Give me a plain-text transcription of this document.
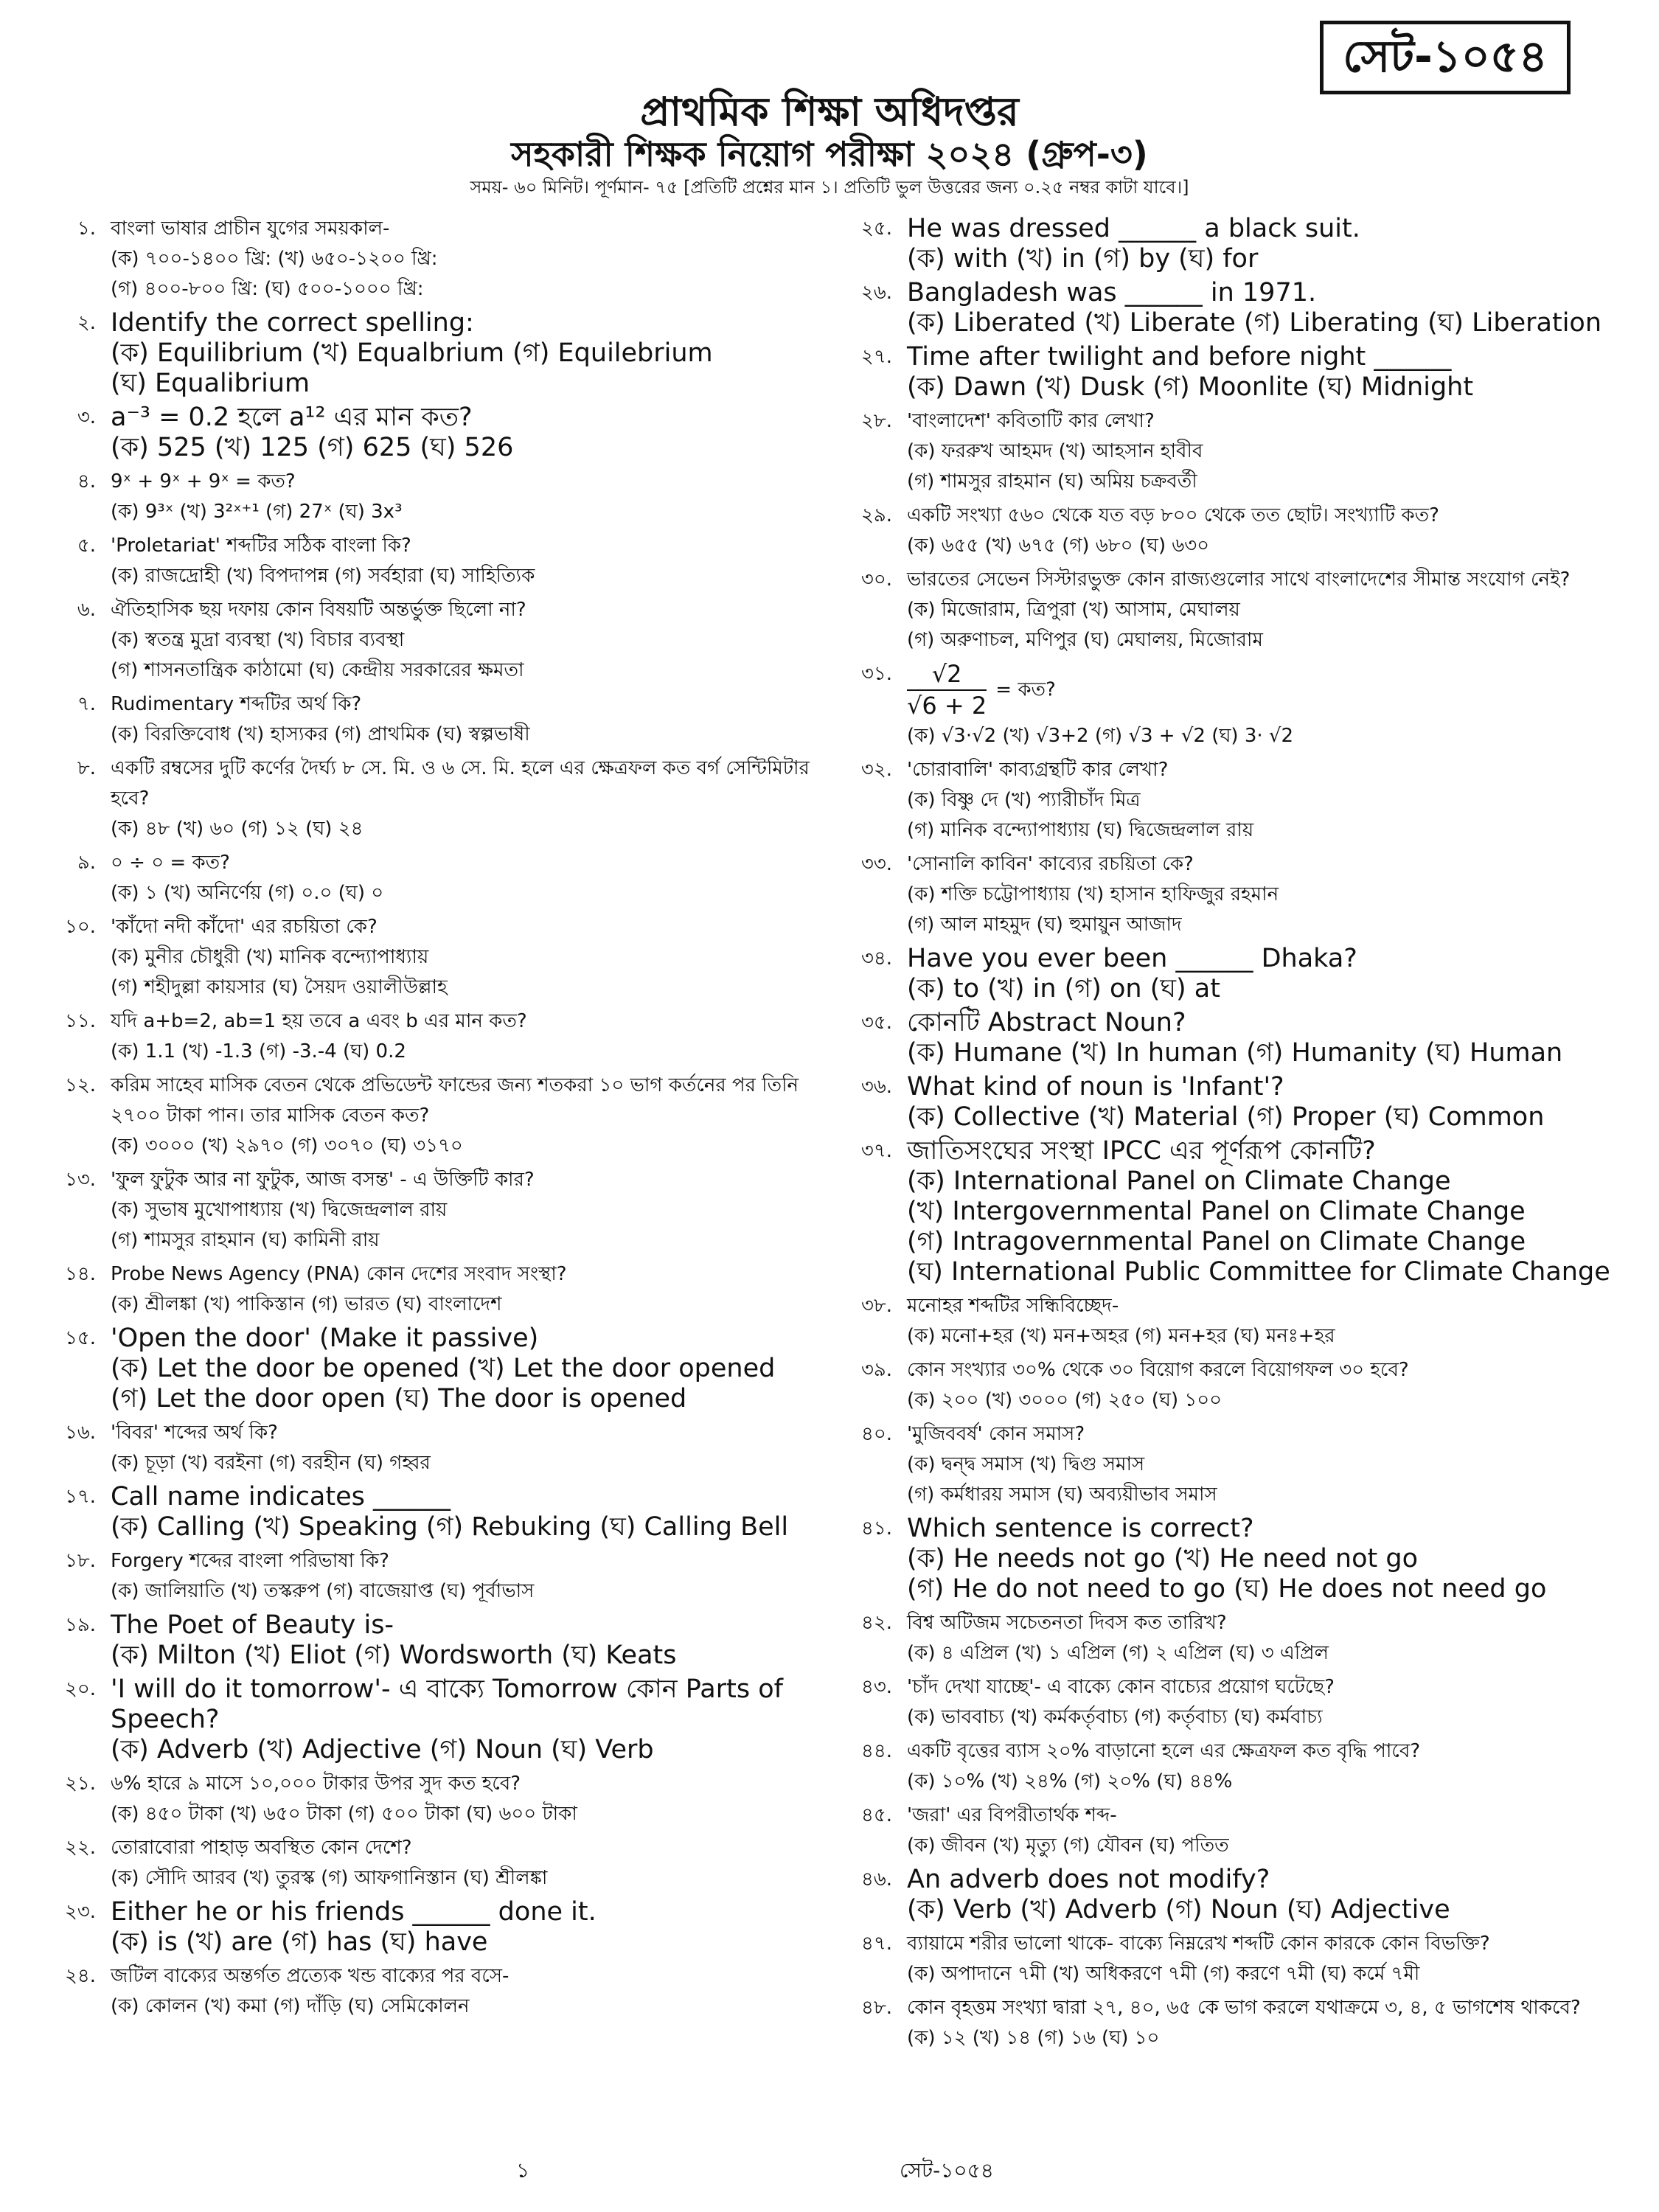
সেট-১০৫৪
প্রাথমিক শিক্ষা অধিদপ্তর
সহকারী শিক্ষক নিয়োগ পরীক্ষা ২০২৪ (গ্রুপ-৩)
সময়- ৬০ মিনিট। পূর্ণমান- ৭৫ [প্রতিটি প্রশ্নের মান ১। প্রতিটি ভুল উত্তরের জন্য ০.২৫ নম্বর কাটা যাবে।]
১. বাংলা ভাষার প্রাচীন যুগের সময়কাল-
(ক) ৭০০-১৪০০ খ্রি: (খ) ৬৫০-১২০০ খ্রি:
(গ) ৪০০-৮০০ খ্রি: (ঘ) ৫০০-১০০০ খ্রি:
২. Identify the correct spelling:
(ক) Equilibrium (খ) Equalbrium (গ) Equilebrium
(ঘ) Equalibrium
৩. a⁻³ = 0.2 হলে a¹² এর মান কত?
(ক) 525 (খ) 125 (গ) 625 (ঘ) 526
৪. 9ˣ + 9ˣ + 9ˣ = কত?
(ক) 9³ˣ (খ) 3²ˣ⁺¹ (গ) 27ˣ (ঘ) 3x³
৫. 'Proletariat' শব্দটির সঠিক বাংলা কি?
(ক) রাজদ্রোহী (খ) বিপদাপন্ন (গ) সর্বহারা (ঘ) সাহিত্যিক
৬. ঐতিহাসিক ছয় দফায় কোন বিষয়টি অন্তর্ভুক্ত ছিলো না?
(ক) স্বতন্ত্র মুদ্রা ব্যবস্থা (খ) বিচার ব্যবস্থা
(গ) শাসনতান্ত্রিক কাঠামো (ঘ) কেন্দ্রীয় সরকারের ক্ষমতা
৭. Rudimentary শব্দটির অর্থ কি?
(ক) বিরক্তিবোধ (খ) হাস্যকর (গ) প্রাথমিক (ঘ) স্বল্পভাষী
৮. একটি রম্বসের দুটি কর্ণের দৈর্ঘ্য ৮ সে. মি. ও ৬ সে. মি. হলে এর ক্ষেত্রফল কত বর্গ সেন্টিমিটার হবে?
(ক) ৪৮ (খ) ৬০ (গ) ১২ (ঘ) ২৪
৯. ০ ÷ ০ = কত?
(ক) ১ (খ) অনির্ণেয় (গ) ০.০ (ঘ) ০
১০. 'কাঁদো নদী কাঁদো' এর রচয়িতা কে?
(ক) মুনীর চৌধুরী (খ) মানিক বন্দ্যোপাধ্যায়
(গ) শহীদুল্লা কায়সার (ঘ) সৈয়দ ওয়ালীউল্লাহ
১১. যদি a+b=2, ab=1 হয় তবে a এবং b এর মান কত?
(ক) 1.1 (খ) -1.3 (গ) -3.-4 (ঘ) 0.2
১২. করিম সাহেব মাসিক বেতন থেকে প্রভিডেন্ট ফান্ডের জন্য শতকরা ১০ ভাগ কর্তনের পর তিনি ২৭০০ টাকা পান। তার মাসিক বেতন কত?
(ক) ৩০০০ (খ) ২৯৭০ (গ) ৩০৭০ (ঘ) ৩১৭০
১৩. 'ফুল ফুটুক আর না ফুটুক, আজ বসন্ত' - এ উক্তিটি কার?
(ক) সুভাষ মুখোপাধ্যায় (খ) দ্বিজেন্দ্রলাল রায়
(গ) শামসুর রাহমান (ঘ) কামিনী রায়
১৪. Probe News Agency (PNA) কোন দেশের সংবাদ সংস্থা?
(ক) শ্রীলঙ্কা (খ) পাকিস্তান (গ) ভারত (ঘ) বাংলাদেশ
১৫. 'Open the door' (Make it passive)
(ক) Let the door be opened (খ) Let the door opened
(গ) Let the door open (ঘ) The door is opened
১৬. 'বিবর' শব্দের অর্থ কি?
(ক) চূড়া (খ) বরইনা (গ) বরহীন (ঘ) গহ্বর
১৭. Call name indicates ______
(ক) Calling (খ) Speaking (গ) Rebuking (ঘ) Calling Bell
১৮. Forgery শব্দের বাংলা পরিভাষা কি?
(ক) জালিয়াতি (খ) তস্করুপ (গ) বাজেয়াপ্ত (ঘ) পূর্বাভাস
১৯. The Poet of Beauty is-
(ক) Milton (খ) Eliot (গ) Wordsworth (ঘ) Keats
২০. 'I will do it tomorrow'- এ বাক্যে Tomorrow কোন Parts of Speech?
(ক) Adverb (খ) Adjective (গ) Noun (ঘ) Verb
২১. ৬% হারে ৯ মাসে ১০,০০০ টাকার উপর সুদ কত হবে?
(ক) ৪৫০ টাকা (খ) ৬৫০ টাকা (গ) ৫০০ টাকা (ঘ) ৬০০ টাকা
২২. তোরাবোরা পাহাড় অবস্থিত কোন দেশে?
(ক) সৌদি আরব (খ) তুরস্ক (গ) আফগানিস্তান (ঘ) শ্রীলঙ্কা
২৩. Either he or his friends ______ done it.
(ক) is (খ) are (গ) has (ঘ) have
২৪. জটিল বাক্যের অন্তর্গত প্রত্যেক খন্ড বাক্যের পর বসে-
(ক) কোলন (খ) কমা (গ) দাঁড়ি (ঘ) সেমিকোলন
২৫. He was dressed ______ a black suit.
(ক) with (খ) in (গ) by (ঘ) for
২৬. Bangladesh was ______ in 1971.
(ক) Liberated (খ) Liberate (গ) Liberating (ঘ) Liberation
২৭. Time after twilight and before night ______
(ক) Dawn (খ) Dusk (গ) Moonlite (ঘ) Midnight
২৮. 'বাংলাদেশ' কবিতাটি কার লেখা?
(ক) ফররুখ আহমদ (খ) আহসান হাবীব
(গ) শামসুর রাহমান (ঘ) অমিয় চক্রবর্তী
২৯. একটি সংখ্যা ৫৬০ থেকে যত বড় ৮০০ থেকে তত ছোট। সংখ্যাটি কত?
(ক) ৬৫৫ (খ) ৬৭৫ (গ) ৬৮০ (ঘ) ৬৩০
৩০. ভারতের সেভেন সিস্টারভুক্ত কোন রাজ্যগুলোর সাথে বাংলাদেশের সীমান্ত সংযোগ নেই?
(ক) মিজোরাম, ত্রিপুরা (খ) আসাম, মেঘালয়
(গ) অরুণাচল, মণিপুর (ঘ) মেঘালয়, মিজোরাম
৩১. $\frac{√2}{√6 + 2}$ = কত?
(ক) √3·√2 (খ) √3+2 (গ) √3 + √2 (ঘ) 3· √2
৩২. 'চোরাবালি' কাব্যগ্রন্থটি কার লেখা?
(ক) বিষ্ণু দে (খ) প্যারীচাঁদ মিত্র
(গ) মানিক বন্দ্যোপাধ্যায় (ঘ) দ্বিজেন্দ্রলাল রায়
৩৩. 'সোনালি কাবিন' কাব্যের রচয়িতা কে?
(ক) শক্তি চট্টোপাধ্যায় (খ) হাসান হাফিজুর রহমান
(গ) আল মাহমুদ (ঘ) হুমায়ুন আজাদ
৩৪. Have you ever been ______ Dhaka?
(ক) to (খ) in (গ) on (ঘ) at
৩৫. কোনটি Abstract Noun?
(ক) Humane (খ) In human (গ) Humanity (ঘ) Human
৩৬. What kind of noun is 'Infant'?
(ক) Collective (খ) Material (গ) Proper (ঘ) Common
৩৭. জাতিসংঘের সংস্থা IPCC এর পূর্ণরূপ কোনটি?
(ক) International Panel on Climate Change
(খ) Intergovernmental Panel on Climate Change
(গ) Intragovernmental Panel on Climate Change
(ঘ) International Public Committee for Climate Change
৩৮. মনোহর শব্দটির সন্ধিবিচ্ছেদ-
(ক) মনো+হর (খ) মন+অহর (গ) মন+হর (ঘ) মনঃ+হর
৩৯. কোন সংখ্যার ৩০% থেকে ৩০ বিয়োগ করলে বিয়োগফল ৩০ হবে?
(ক) ২০০ (খ) ৩০০০ (গ) ২৫০ (ঘ) ১০০
৪০. 'মুজিববর্ষ' কোন সমাস?
(ক) দ্বন্দ্ব সমাস (খ) দ্বিগু সমাস
(গ) কর্মধারয় সমাস (ঘ) অব্যয়ীভাব সমাস
৪১. Which sentence is correct?
(ক) He needs not go (খ) He need not go
(গ) He do not need to go (ঘ) He does not need go
৪২. বিশ্ব অটিজম সচেতনতা দিবস কত তারিখ?
(ক) ৪ এপ্রিল (খ) ১ এপ্রিল (গ) ২ এপ্রিল (ঘ) ৩ এপ্রিল
৪৩. 'চাঁদ দেখা যাচ্ছে'- এ বাক্যে কোন বাচ্যের প্রয়োগ ঘটেছে?
(ক) ভাববাচ্য (খ) কর্মকর্তৃবাচ্য (গ) কর্তৃবাচ্য (ঘ) কর্মবাচ্য
৪৪. একটি বৃত্তের ব্যাস ২০% বাড়ানো হলে এর ক্ষেত্রফল কত বৃদ্ধি পাবে?
(ক) ১০% (খ) ২৪% (গ) ২০% (ঘ) ৪৪%
৪৫. 'জরা' এর বিপরীতার্থক শব্দ-
(ক) জীবন (খ) মৃত্যু (গ) যৌবন (ঘ) পতিত
৪৬. An adverb does not modify?
(ক) Verb (খ) Adverb (গ) Noun (ঘ) Adjective
৪৭. ব্যায়ামে শরীর ভালো থাকে- বাক্যে নিম্নরেখ শব্দটি কোন কারকে কোন বিভক্তি?
(ক) অপাদানে ৭মী (খ) অধিকরণে ৭মী (গ) করণে ৭মী (ঘ) কর্মে ৭মী
৪৮. কোন বৃহত্তম সংখ্যা দ্বারা ২৭, ৪০, ৬৫ কে ভাগ করলে যথাক্রমে ৩, ৪, ৫ ভাগশেষ থাকবে?
(ক) ১২ (খ) ১৪ (গ) ১৬ (ঘ) ১০
১	সেট-১০৫৪
